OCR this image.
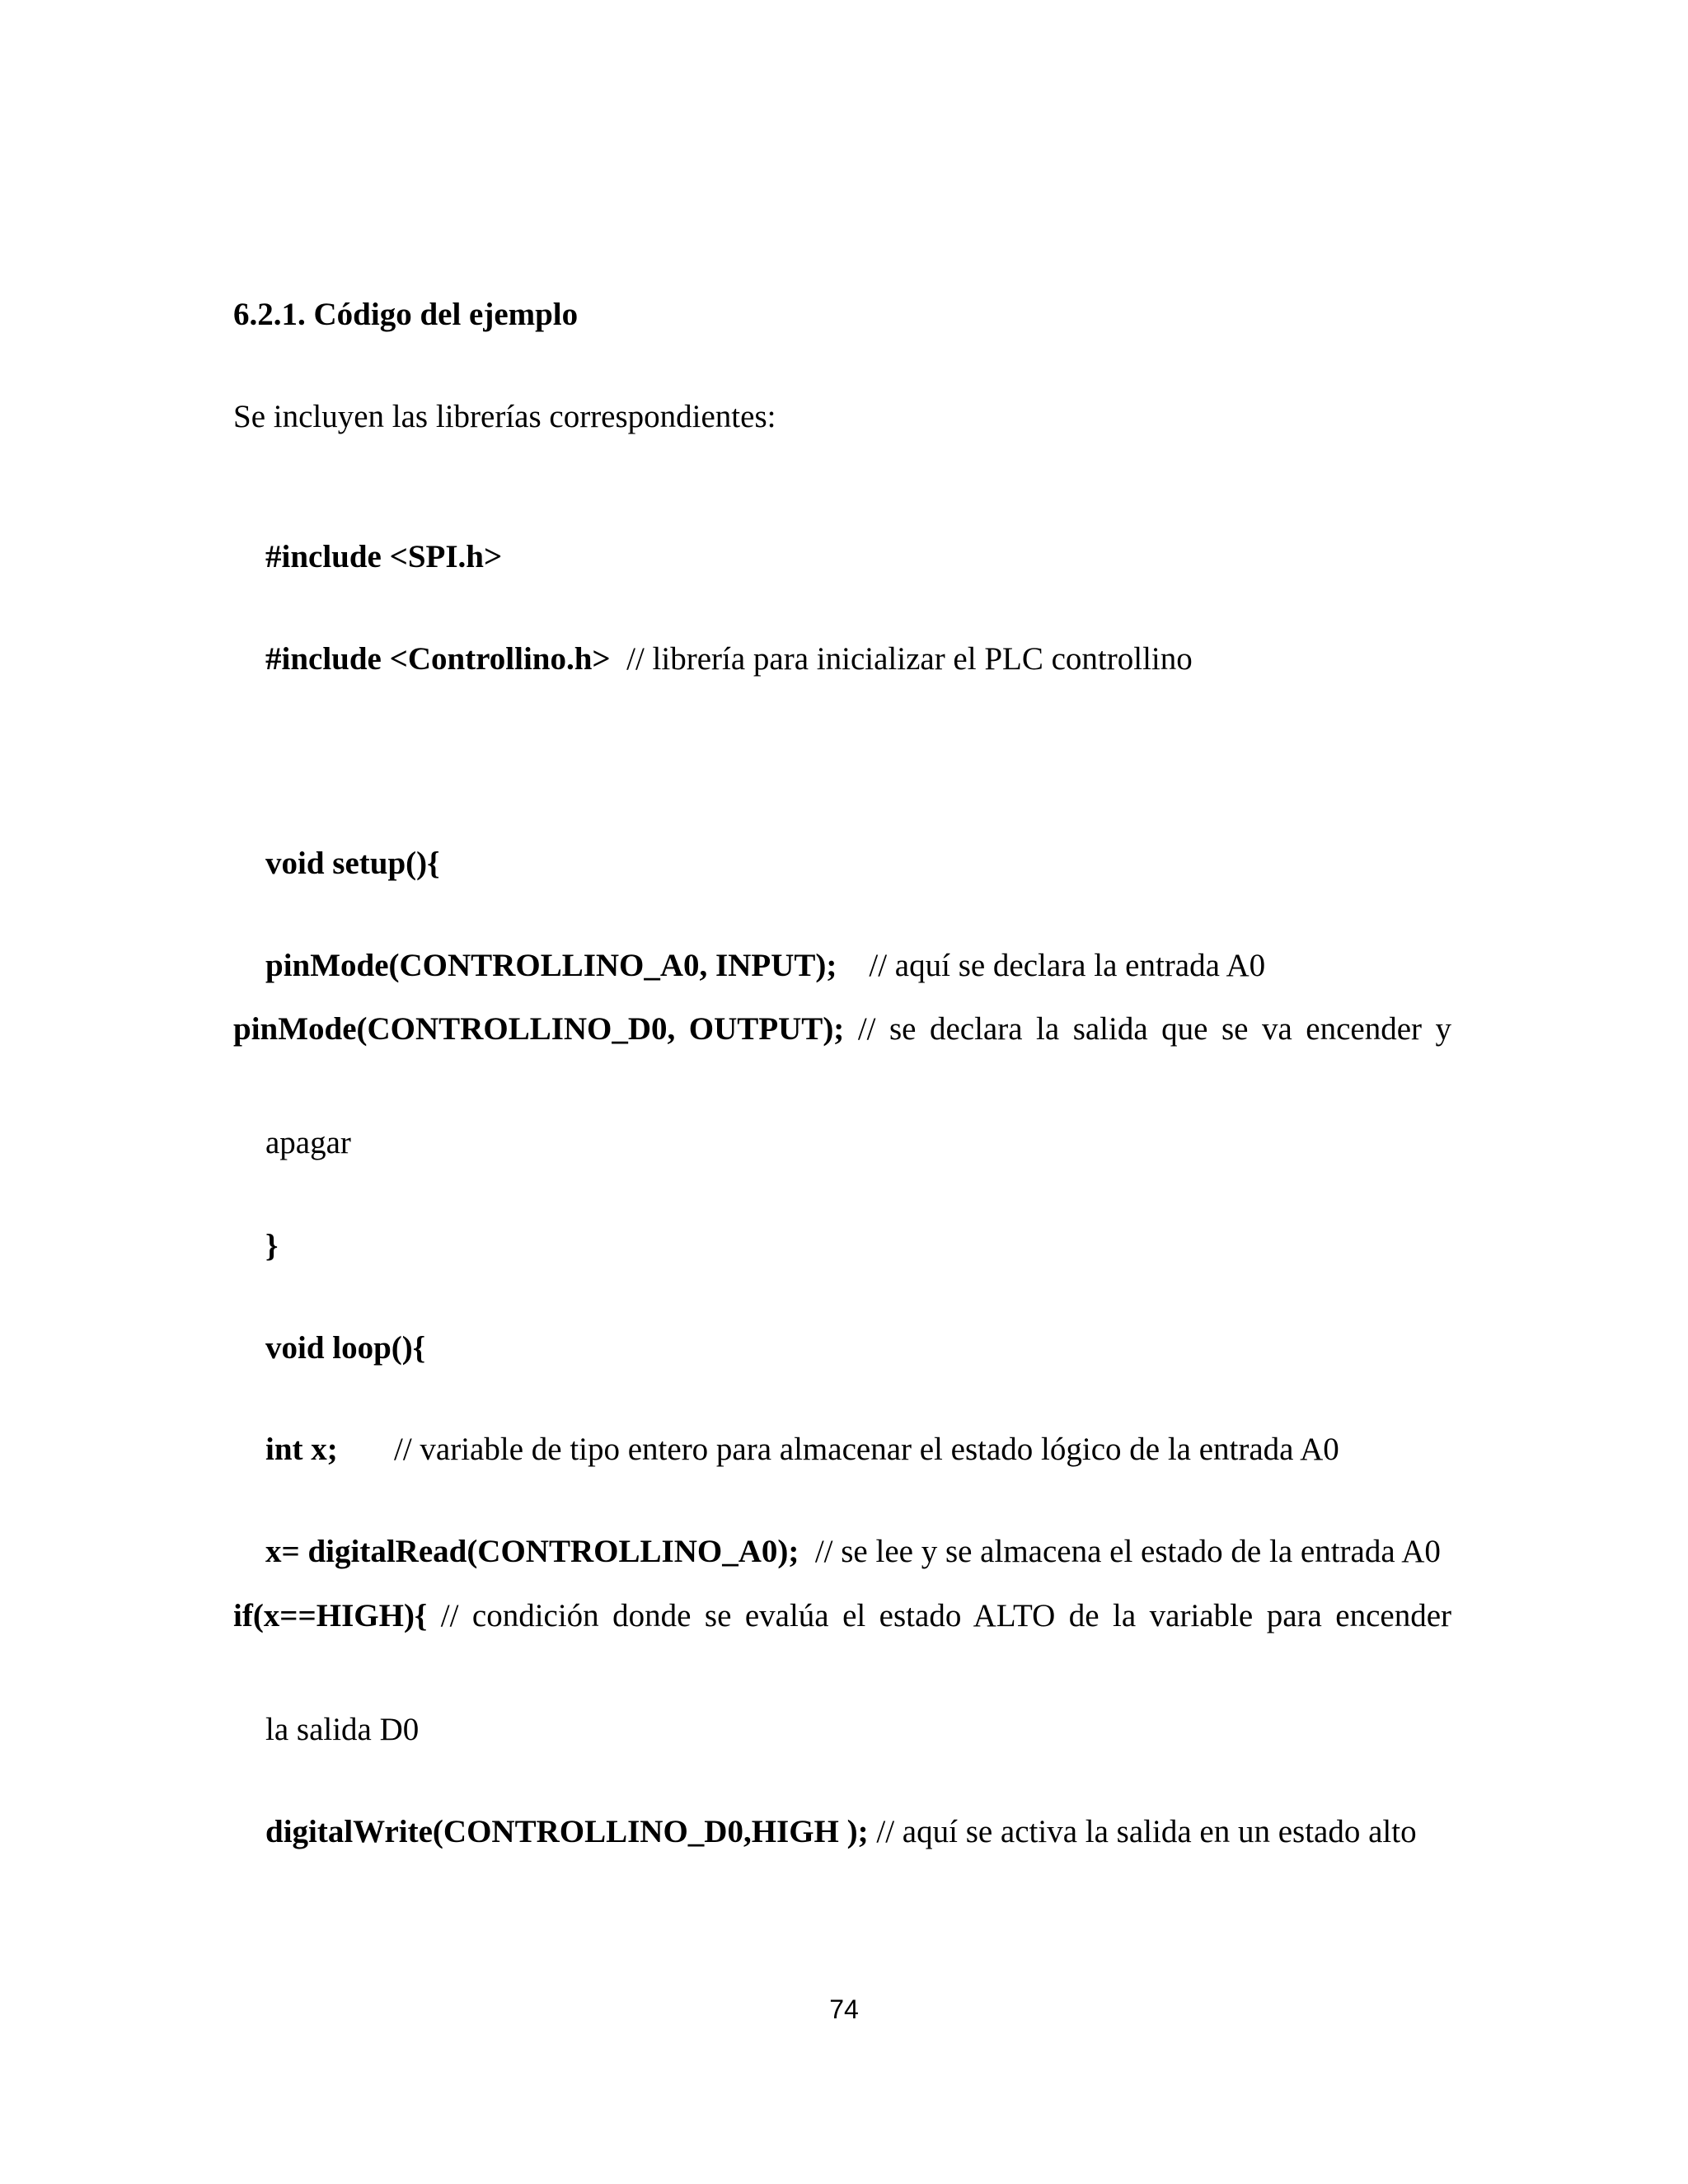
6.2.1. Código del ejemplo
Se incluyen las librerías correspondientes:

#include <SPI.h>

#include <Controllino.h>  // librería para inicializar el PLC controllino

void setup(){

pinMode(CONTROLLINO_A0, INPUT);    // aquí se declara la entrada A0

pinMode(CONTROLLINO_D0, OUTPUT); // se declara la salida que se va encender y

apagar

}

void loop(){

int x;       // variable de tipo entero para almacenar el estado lógico de la entrada A0

x= digitalRead(CONTROLLINO_A0);  // se lee y se almacena el estado de la entrada A0

if(x==HIGH){ // condición donde se evalúa el estado ALTO de la variable para encender

la salida D0

digitalWrite(CONTROLLINO_D0,HIGH ); // aquí se activa la salida en un estado alto

74
